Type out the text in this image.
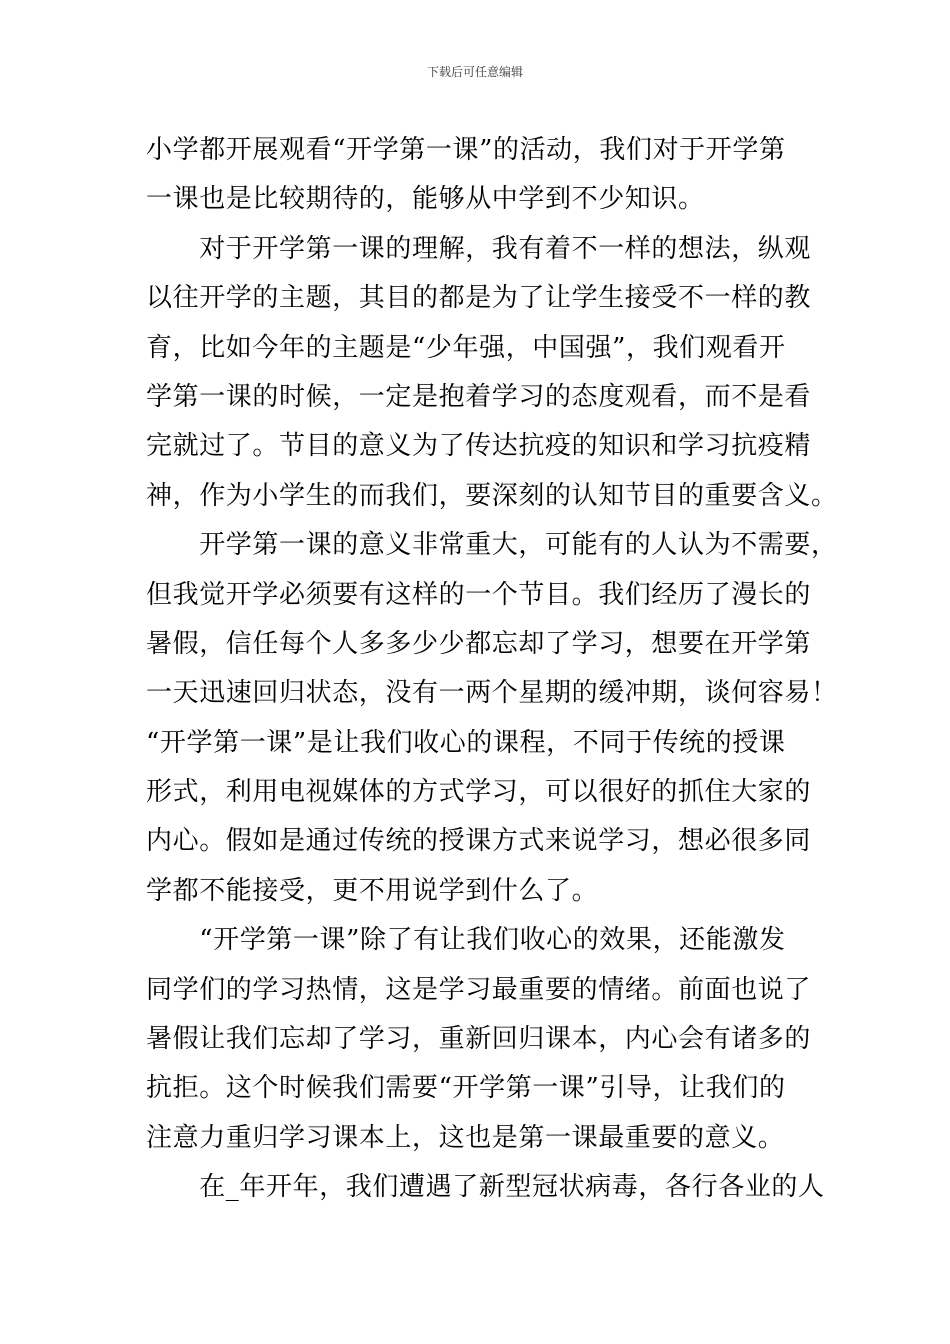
下载后可任意编辑
小学都开展观看“开学第一课”的活动，我们对于开学第
一课也是比较期待的，能够从中学到不少知识。
　　对于开学第一课的理解，我有着不一样的想法，纵观
以往开学的主题，其目的都是为了让学生接受不一样的教
育，比如今年的主题是“少年强，中国强”，我们观看开
学第一课的时候，一定是抱着学习的态度观看，而不是看
完就过了。节目的意义为了传达抗疫的知识和学习抗疫精
神，作为小学生的而我们，要深刻的认知节目的重要含义。
　　开学第一课的意义非常重大，可能有的人认为不需要，
但我觉开学必须要有这样的一个节目。我们经历了漫长的
暑假，信任每个人多多少少都忘却了学习，想要在开学第
一天迅速回归状态，没有一两个星期的缓冲期，谈何容易！
“开学第一课”是让我们收心的课程，不同于传统的授课
形式，利用电视媒体的方式学习，可以很好的抓住大家的
内心。假如是通过传统的授课方式来说学习，想必很多同
学都不能接受，更不用说学到什么了。
　　“开学第一课”除了有让我们收心的效果，还能激发
同学们的学习热情，这是学习最重要的情绪。前面也说了
暑假让我们忘却了学习，重新回归课本，内心会有诸多的
抗拒。这个时候我们需要“开学第一课”引导，让我们的
注意力重归学习课本上，这也是第一课最重要的意义。
　　在_年开年，我们遭遇了新型冠状病毒，各行各业的人
